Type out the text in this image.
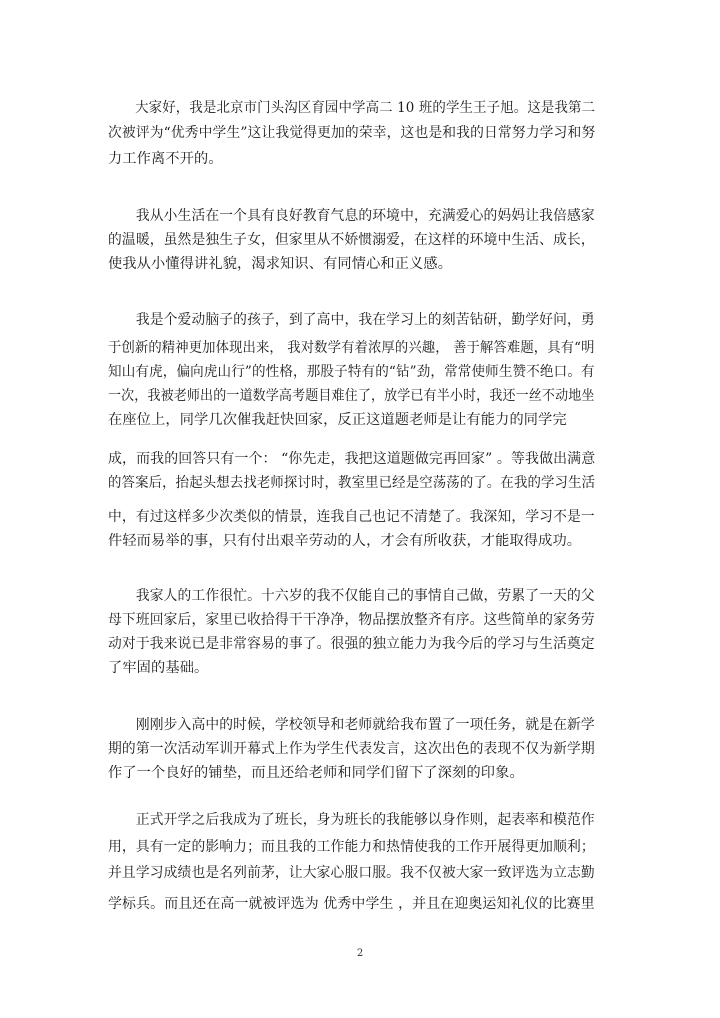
　　大家好，我是北京市门头沟区育园中学高二 10 班的学生王子旭。这是我第二
次被评为“优秀中学生”这让我觉得更加的荣幸，这也是和我的日常努力学习和努
力工作离不开的。
　　我从小生活在一个具有良好教育气息的环境中，充满爱心的妈妈让我倍感家
的温暖，虽然是独生子女，但家里从不娇惯溺爱，在这样的环境中生活、成长，
使我从小懂得讲礼貌，渴求知识、有同情心和正义感。
　　我是个爱动脑子的孩子，到了高中，我在学习上的刻苦钻研，勤学好问，勇
于创新的精神更加体现出来， 我对数学有着浓厚的兴趣， 善于解答难题，具有“明
知山有虎，偏向虎山行”的性格，那股子特有的“钻”劲，常常使师生赞不绝口。有
一次，我被老师出的一道数学高考题目难住了，放学已有半小时，我还一丝不动地坐
在座位上，同学几次催我赶快回家，反正这道题老师是让有能力的同学完
成，而我的回答只有一个： “你先走，我把这道题做完再回家” 。等我做出满意
的答案后，抬起头想去找老师探讨时，教室里已经是空荡荡的了。在我的学习生活
中，有过这样多少次类似的情景，连我自己也记不清楚了。我深知，学习不是一
件轻而易举的事，只有付出艰辛劳动的人，才会有所收获，才能取得成功。
　　我家人的工作很忙。十六岁的我不仅能自己的事情自己做，劳累了一天的父
母下班回家后，家里已收拾得干干净净，物品摆放整齐有序。这些简单的家务劳
动对于我来说已是非常容易的事了。很强的独立能力为我今后的学习与生活奠定
了牢固的基础。
　　刚刚步入高中的时候，学校领导和老师就给我布置了一项任务，就是在新学
期的第一次活动军训开幕式上作为学生代表发言，这次出色的表现不仅为新学期
作了一个良好的铺垫，而且还给老师和同学们留下了深刻的印象。
　　正式开学之后我成为了班长，身为班长的我能够以身作则，起表率和模范作
用，具有一定的影响力；而且我的工作能力和热情使我的工作开展得更加顺利；
并且学习成绩也是名列前茅，让大家心服口服。我不仅被大家一致评选为立志勤
学标兵。而且还在高一就被评选为 优秀中学生 ，并且在迎奥运知礼仪的比赛里
2
